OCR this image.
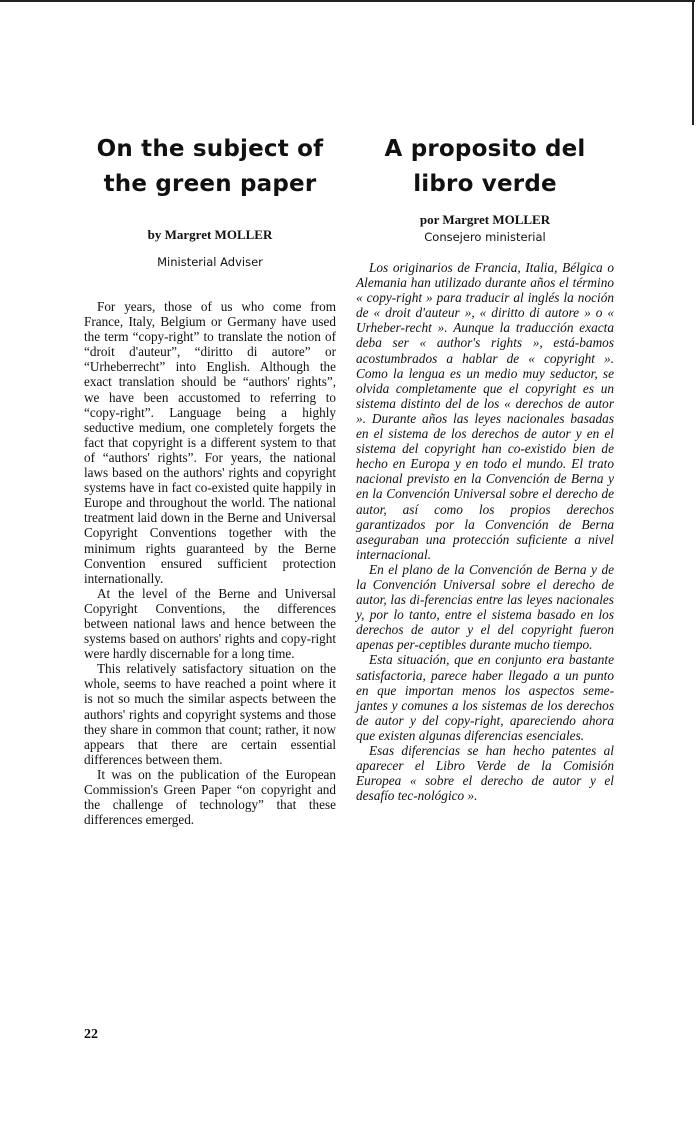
On the subject of the green paper

by Margret MOLLER

Ministerial Adviser

For years, those of us who come from France, Italy, Belgium or Germany have used the term “copy-right” to translate the notion of “droit d'auteur”, “diritto di autore” or “Urheberrecht” into English. Although the exact translation should be “authors' rights”, we have been accustomed to referring to “copy-right”. Language being a highly seductive medium, one completely forgets the fact that copyright is a different system to that of “authors' rights”. For years, the national laws based on the authors' rights and copyright systems have in fact co-existed quite happily in Europe and throughout the world. The national treatment laid down in the Berne and Universal Copyright Conventions together with the minimum rights guaranteed by the Berne Convention ensured sufficient protection internationally.

At the level of the Berne and Universal Copyright Conventions, the differences between national laws and hence between the systems based on authors' rights and copy-right were hardly discernable for a long time.

This relatively satisfactory situation on the whole, seems to have reached a point where it is not so much the similar aspects between the authors' rights and copyright systems and those they share in common that count; rather, it now appears that there are certain essential differences between them.

It was on the publication of the European Commission's Green Paper “on copyright and the challenge of technology” that these differences emerged.

A proposito del libro verde

por Margret MOLLER

Consejero ministerial

Los originarios de Francia, Italia, Bélgica o Alemania han utilizado durante años el término « copy-right » para traducir al inglés la noción de « droit d'auteur », « diritto di autore » o « Urheber-recht ». Aunque la traducción exacta deba ser « author's rights », está-bamos acostumbrados a hablar de « copyright ». Como la lengua es un medio muy seductor, se olvida completamente que el copyright es un sistema distinto del de los « derechos de autor ». Durante años las leyes nacionales basadas en el sistema de los derechos de autor y en el sistema del copyright han co-existido bien de hecho en Europa y en todo el mundo. El trato nacional previsto en la Convención de Berna y en la Convención Universal sobre el derecho de autor, así como los propios derechos garantizados por la Convención de Berna aseguraban una protección suficiente a nivel internacional.

En el plano de la Convención de Berna y de la Convención Universal sobre el derecho de autor, las di-ferencias entre las leyes nacionales y, por lo tanto, entre el sistema basado en los derechos de autor y el del copyright fueron apenas per-ceptibles durante mucho tiempo.

Esta situación, que en conjunto era bastante satisfactoria, parece haber llegado a un punto en que importan menos los aspectos seme-jantes y comunes a los sistemas de los derechos de autor y del copy-right, apareciendo ahora que existen algunas diferencias esenciales.

Esas diferencias se han hecho patentes al aparecer el Libro Verde de la Comisión Europea « sobre el derecho de autor y el desafío tec-nológico ».

22
